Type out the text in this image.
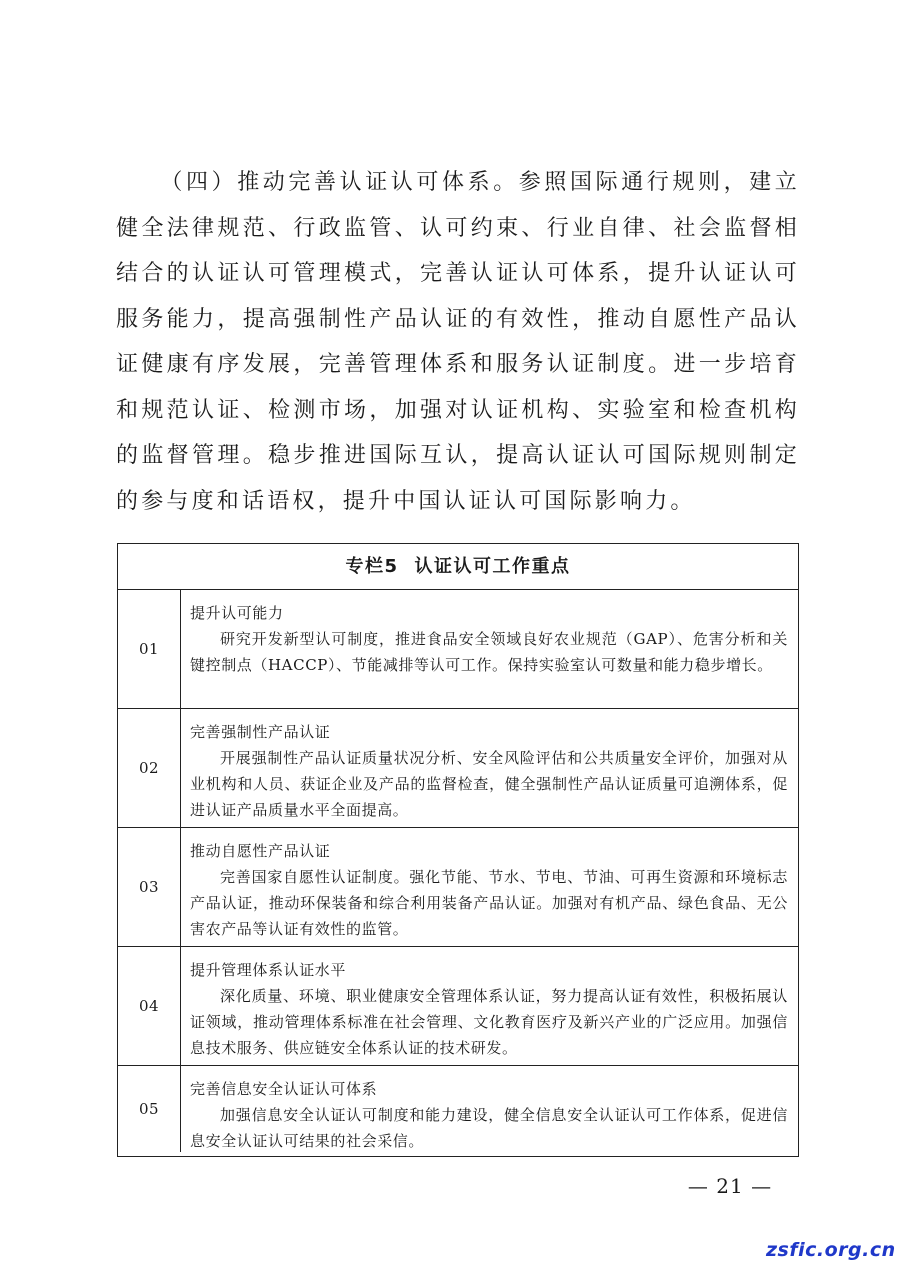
（四）推动完善认证认可体系。参照国际通行规则，建立健全法律规范、行政监管、认可约束、行业自律、社会监督相结合的认证认可管理模式，完善认证认可体系，提升认证认可服务能力，提高强制性产品认证的有效性，推动自愿性产品认证健康有序发展，完善管理体系和服务认证制度。进一步培育和规范认证、检测市场，加强对认证机构、实验室和检查机构的监督管理。稳步推进国际互认，提高认证认可国际规则制定的参与度和话语权，提升中国认证认可国际影响力。

专栏5 认证认可工作重点
01
提升认可能力
研究开发新型认可制度，推进食品安全领域良好农业规范（GAP）、危害分析和关键控制点（HACCP）、节能减排等认可工作。保持实验室认可数量和能力稳步增长。
02
完善强制性产品认证
开展强制性产品认证质量状况分析、安全风险评估和公共质量安全评价，加强对从业机构和人员、获证企业及产品的监督检查，健全强制性产品认证质量可追溯体系，促进认证产品质量水平全面提高。
03
推动自愿性产品认证
完善国家自愿性认证制度。强化节能、节水、节电、节油、可再生资源和环境标志产品认证，推动环保装备和综合利用装备产品认证。加强对有机产品、绿色食品、无公害农产品等认证有效性的监管。
04
提升管理体系认证水平
深化质量、环境、职业健康安全管理体系认证，努力提高认证有效性，积极拓展认证领域，推动管理体系标准在社会管理、文化教育医疗及新兴产业的广泛应用。加强信息技术服务、供应链安全体系认证的技术研发。
05
完善信息安全认证认可体系
加强信息安全认证认可制度和能力建设，健全信息安全认证认可工作体系，促进信息安全认证认可结果的社会采信。
— 21 —
zsfic.org.cn
